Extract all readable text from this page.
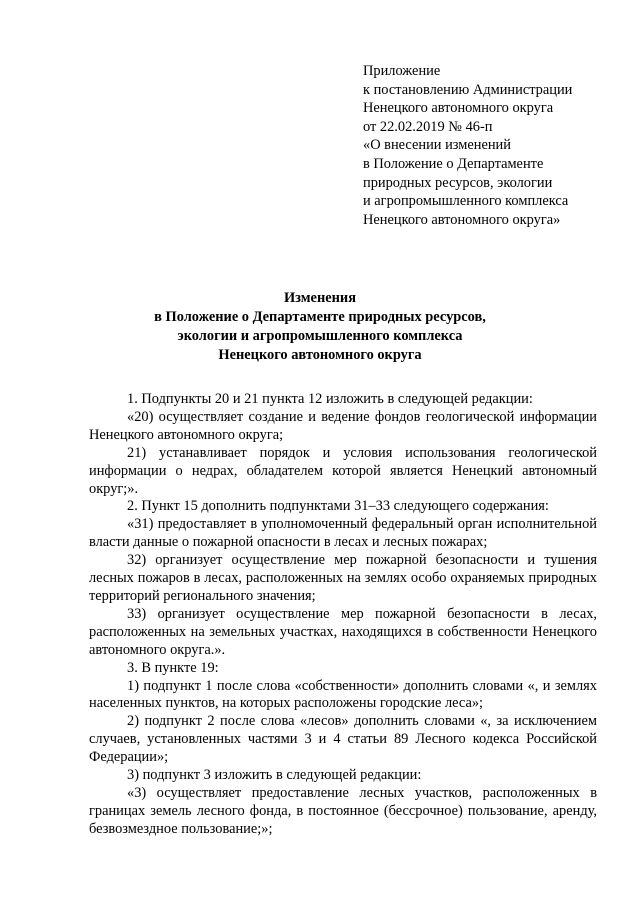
Приложение
к постановлению Администрации
Ненецкого автономного округа
от 22.02.2019 № 46-п
«О внесении изменений
в Положение о Департаменте
природных ресурсов, экологии
и агропромышленного комплекса
Ненецкого автономного округа»
Изменения
в Положение о Департаменте природных ресурсов,
экологии и агропромышленного комплекса
Ненецкого автономного округа

1. Подпункты 20 и 21 пункта 12 изложить в следующей редакции:

«20) осуществляет создание и ведение фондов геологической информации Ненецкого автономного округа;

21) устанавливает порядок и условия использования геологической информации о недрах, обладателем которой является Ненецкий автономный округ;».

2. Пункт 15 дополнить подпунктами 31–33 следующего содержания:

«31) предоставляет в уполномоченный федеральный орган исполнительной власти данные о пожарной опасности в лесах и лесных пожарах;

32) организует осуществление мер пожарной безопасности и тушения лесных пожаров в лесах, расположенных на землях особо охраняемых природных территорий регионального значения;

33) организует осуществление мер пожарной безопасности в лесах, расположенных на земельных участках, находящихся в собственности Ненецкого автономного округа.».

3. В пункте 19:

1) подпункт 1 после слова «собственности» дополнить словами «, и землях населенных пунктов, на которых расположены городские леса»;

2) подпункт 2 после слова «лесов» дополнить словами «, за исключением случаев, установленных частями 3 и 4 статьи 89 Лесного кодекса Российской Федерации»;

3) подпункт 3 изложить в следующей редакции:

«3) осуществляет предоставление лесных участков, расположенных в границах земель лесного фонда, в постоянное (бессрочное) пользование, аренду, безвозмездное пользование;»;
